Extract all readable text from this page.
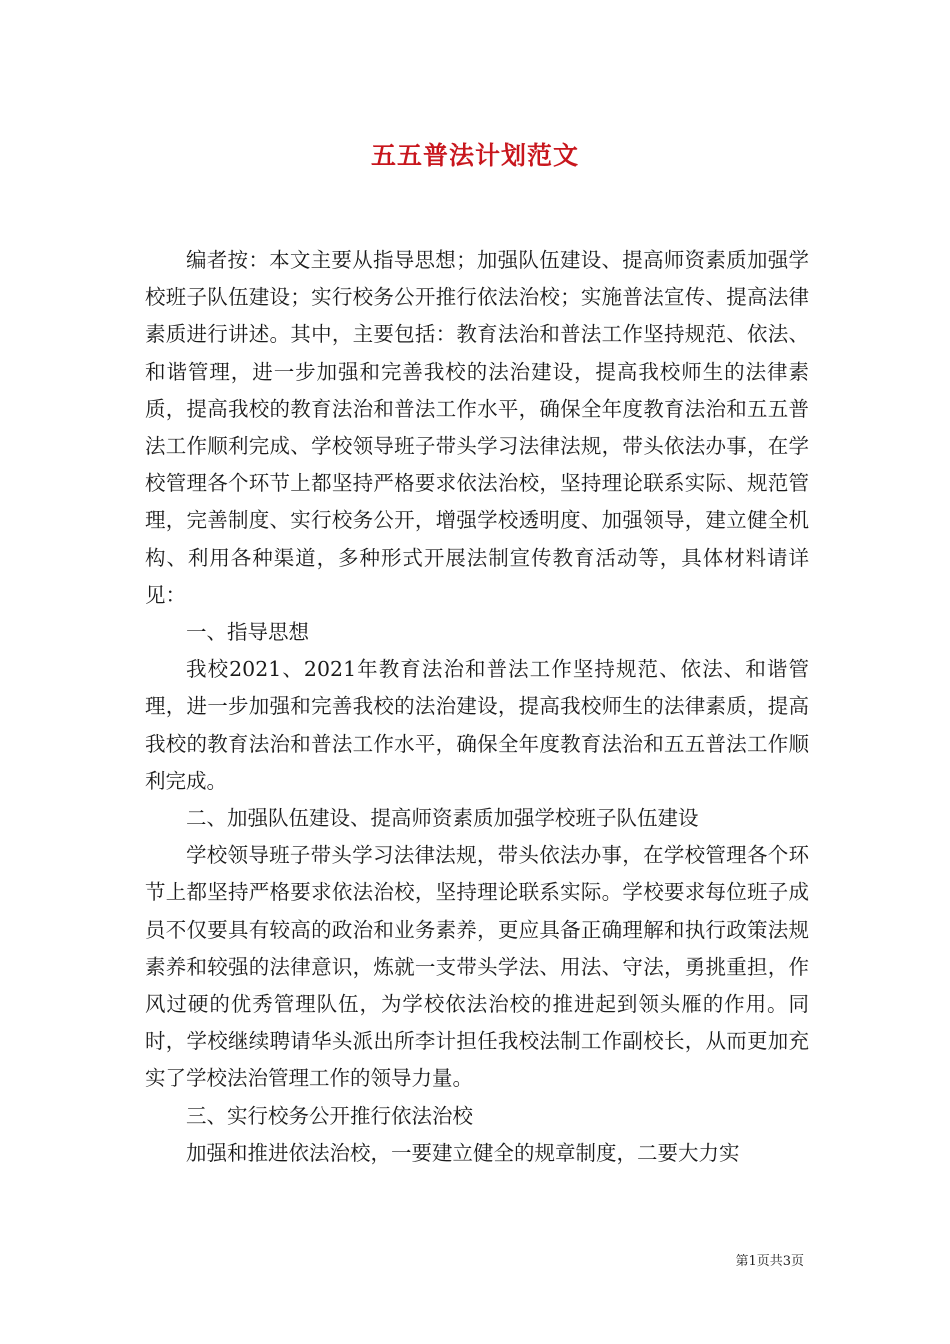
五五普法计划范文

编者按：本文主要从指导思想；加强队伍建设、提高师资素质加强学校班子队伍建设；实行校务公开推行依法治校；实施普法宣传、提高法律素质进行讲述。其中，主要包括：教育法治和普法工作坚持规范、依法、和谐管理，进一步加强和完善我校的法治建设，提高我校师生的法律素质，提高我校的教育法治和普法工作水平，确保全年度教育法治和五五普法工作顺利完成、学校领导班子带头学习法律法规，带头依法办事，在学校管理各个环节上都坚持严格要求依法治校，坚持理论联系实际、规范管理，完善制度、实行校务公开，增强学校透明度、加强领导，建立健全机构、利用各种渠道，多种形式开展法制宣传教育活动等，具体材料请详见：

一、指导思想

我校2021、2021年教育法治和普法工作坚持规范、依法、和谐管理，进一步加强和完善我校的法治建设，提高我校师生的法律素质，提高我校的教育法治和普法工作水平，确保全年度教育法治和五五普法工作顺利完成。

二、加强队伍建设、提高师资素质加强学校班子队伍建设

学校领导班子带头学习法律法规，带头依法办事，在学校管理各个环节上都坚持严格要求依法治校，坚持理论联系实际。学校要求每位班子成员不仅要具有较高的政治和业务素养，更应具备正确理解和执行政策法规素养和较强的法律意识，炼就一支带头学法、用法、守法，勇挑重担，作风过硬的优秀管理队伍，为学校依法治校的推进起到领头雁的作用。同时，学校继续聘请华头派出所李计担任我校法制工作副校长，从而更加充实了学校法治管理工作的领导力量。

三、实行校务公开推行依法治校

加强和推进依法治校，一要建立健全的规章制度，二要大力实

第1页共3页
